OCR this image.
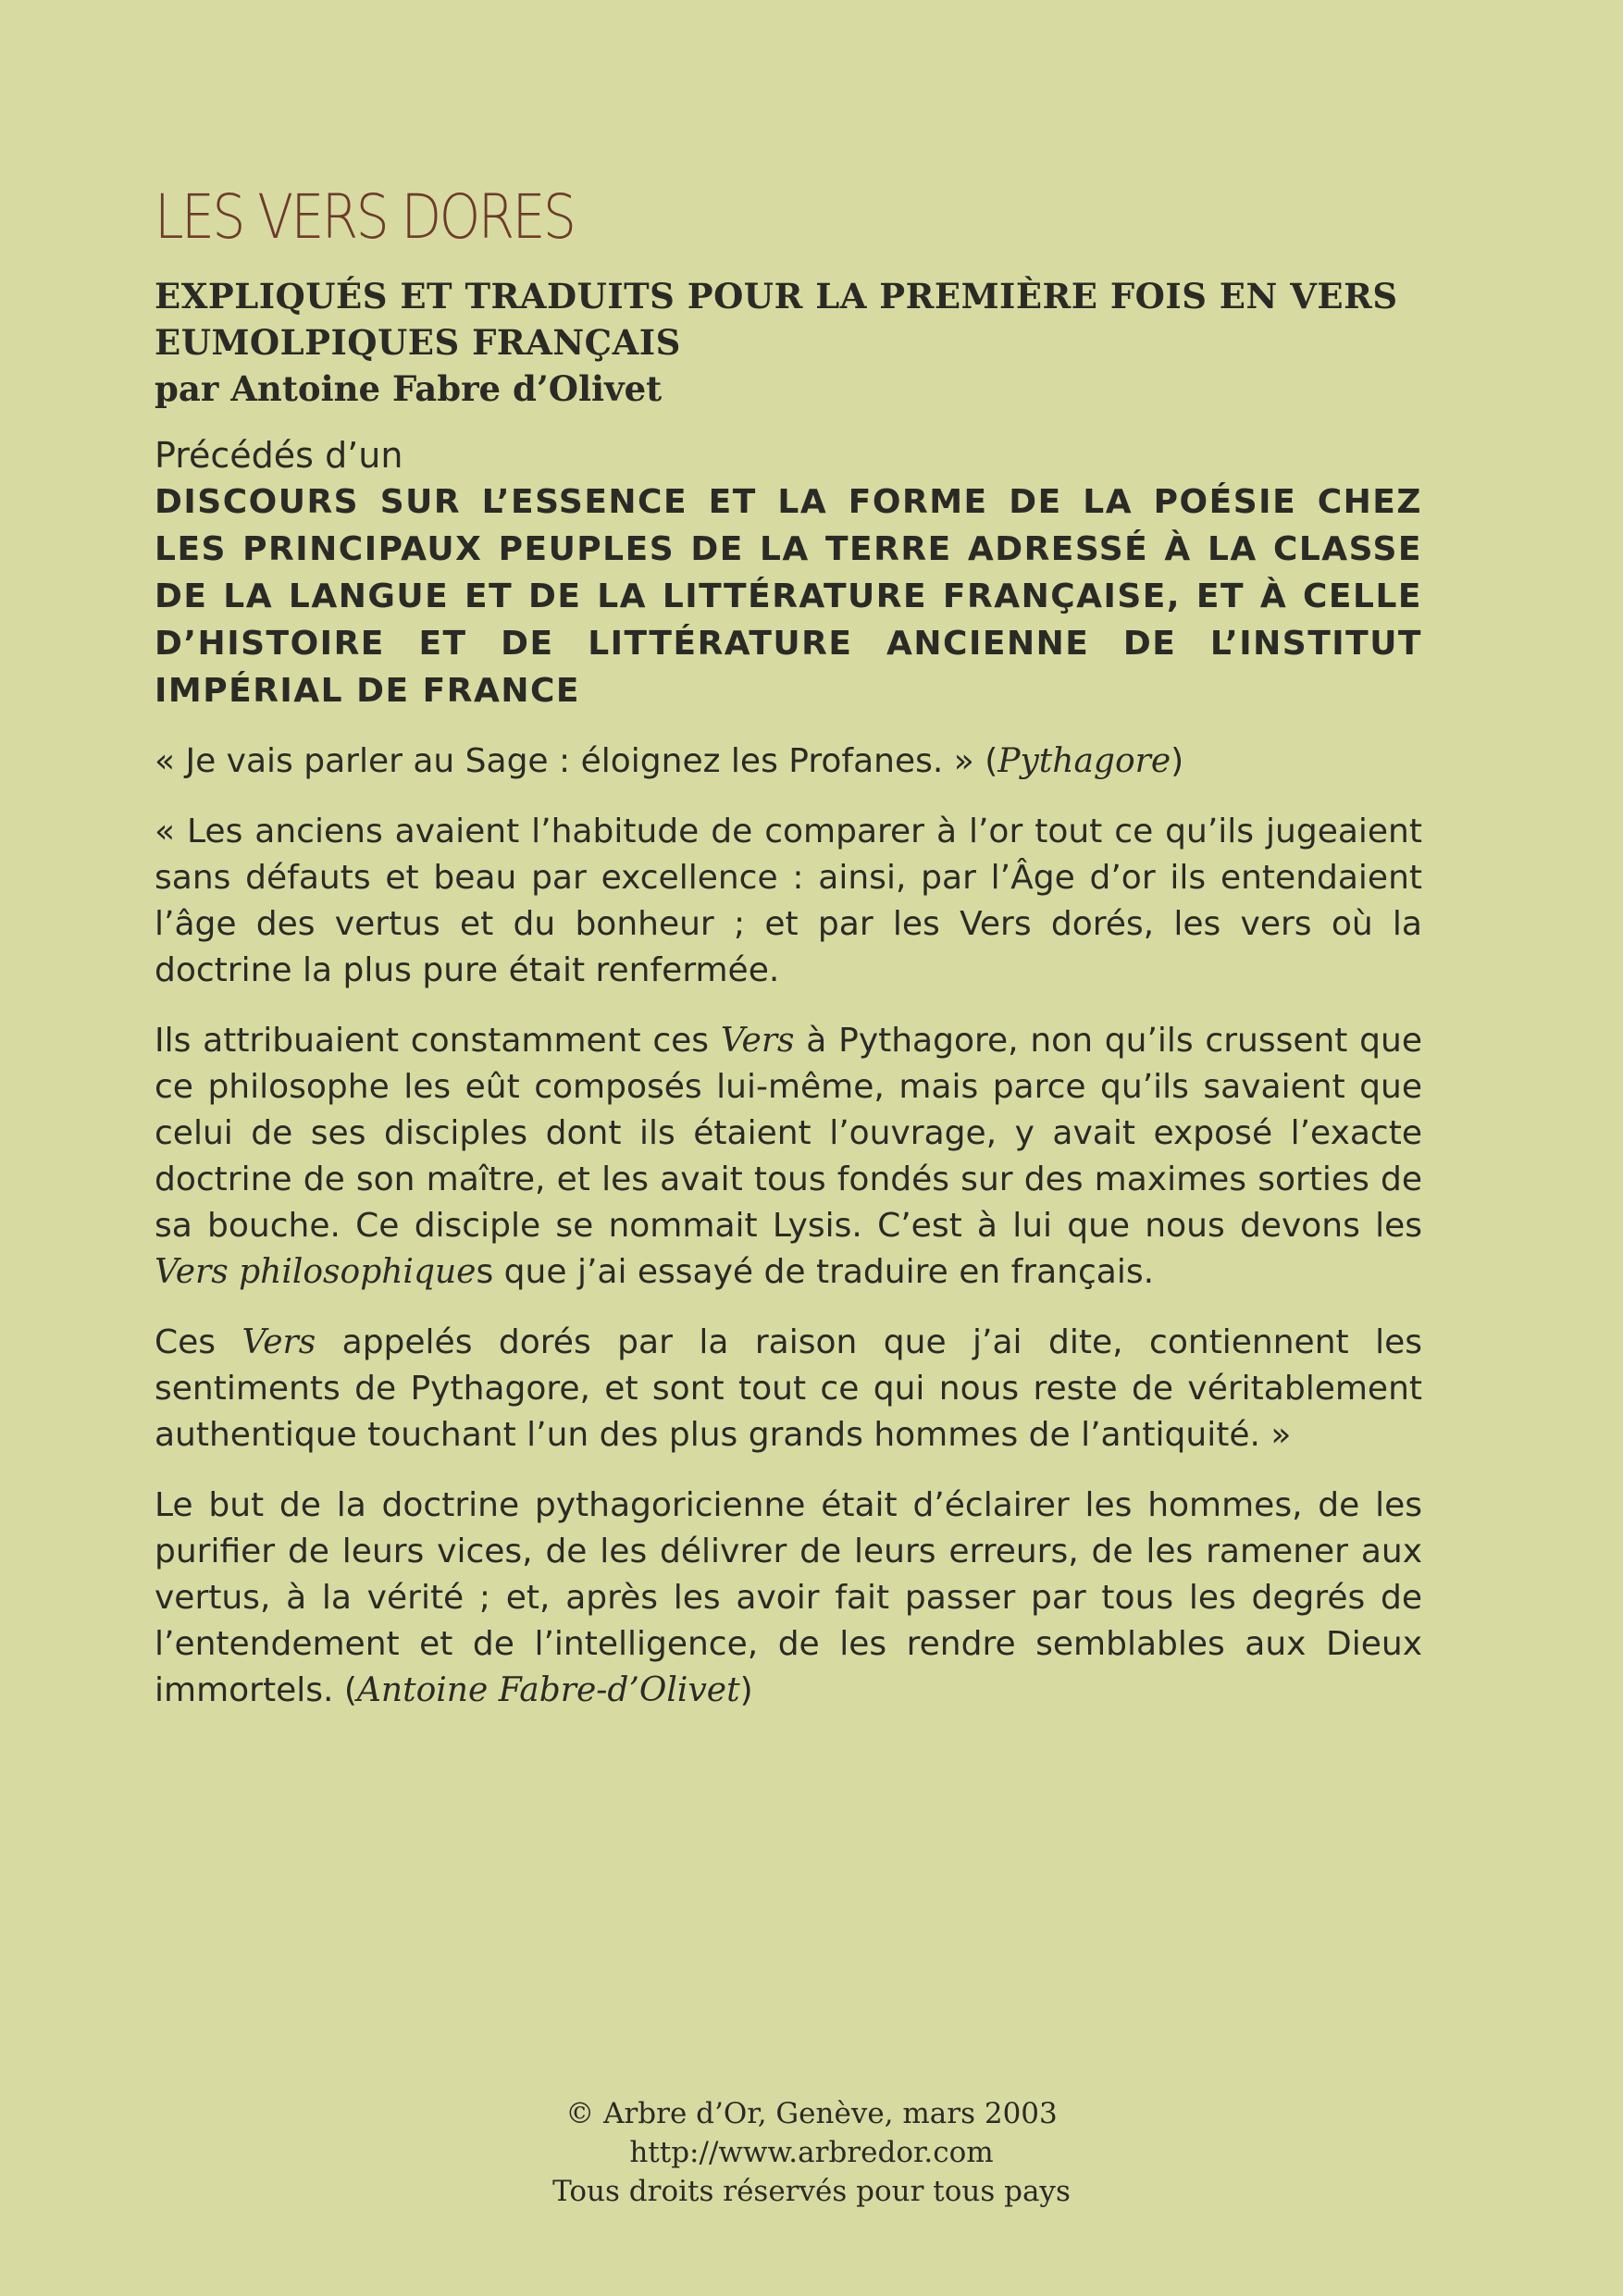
LES VERS DORES
EXPLIQUÉS ET TRADUITS POUR LA PREMIÈRE FOIS EN VERS EUMOLPIQUES FRANÇAIS
par Antoine Fabre d’Olivet
Précédés d’un
DISCOURS SUR L’ESSENCE ET LA FORME DE LA POÉSIE CHEZ LES PRINCIPAUX PEUPLES DE LA TERRE ADRESSÉ À LA CLASSE DE LA LANGUE ET DE LA LITTÉRATURE FRANÇAISE, ET À CELLE D’HISTOIRE ET DE LITTÉRATURE ANCIENNE DE L’INSTITUT IMPÉRIAL DE FRANCE

« Je vais parler au Sage : éloignez les Profanes. » (Pythagore)

« Les anciens avaient l’habitude de comparer à l’or tout ce qu’ils jugeaient sans défauts et beau par excellence : ainsi, par l’Âge d’or ils entendaient l’âge des vertus et du bonheur ; et par les Vers dorés, les vers où la doctrine la plus pure était renfermée.

Ils attribuaient constamment ces Vers à Pythagore, non qu’ils crussent que ce philosophe les eût composés lui-même, mais parce qu’ils savaient que celui de ses disciples dont ils étaient l’ouvrage, y avait exposé l’exacte doctrine de son maître, et les avait tous fondés sur des maximes sorties de sa bouche. Ce disciple se nommait Lysis. C’est à lui que nous devons les Vers philosophiques que j’ai essayé de traduire en français.

Ces Vers appelés dorés par la raison que j’ai dite, contiennent les sentiments de Pythagore, et sont tout ce qui nous reste de véritablement authentique touchant l’un des plus grands hommes de l’antiquité. »

Le but de la doctrine pythagoricienne était d’éclairer les hommes, de les purifier de leurs vices, de les délivrer de leurs erreurs, de les ramener aux vertus, à la vérité ; et, après les avoir fait passer par tous les degrés de l’entendement et de l’intelligence, de les rendre semblables aux Dieux immortels. (Antoine Fabre-d’Olivet)

© Arbre d’Or, Genève, mars 2003
http://www.arbredor.com
Tous droits réservés pour tous pays
